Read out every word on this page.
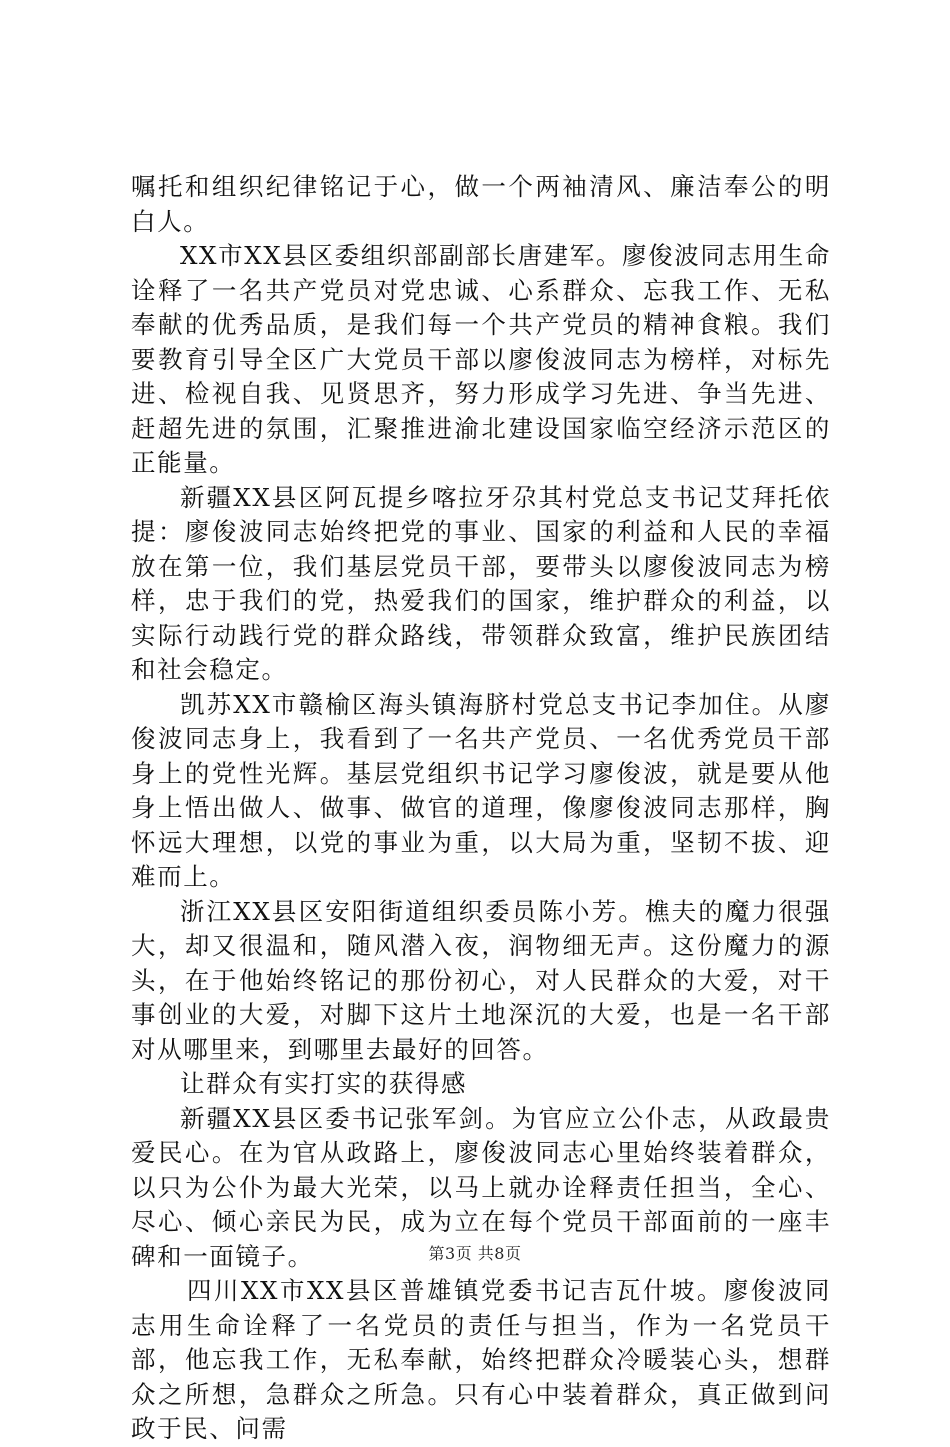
嘱托和组织纪律铭记于心，做一个两袖清风、廉洁奉公的明白人。

XX市XX县区委组织部副部长唐建军。廖俊波同志用生命诠释了一名共产党员对党忠诚、心系群众、忘我工作、无私奉献的优秀品质，是我们每一个共产党员的精神食粮。我们要教育引导全区广大党员干部以廖俊波同志为榜样，对标先进、检视自我、见贤思齐，努力形成学习先进、争当先进、赶超先进的氛围，汇聚推进渝北建设国家临空经济示范区的正能量。

新疆XX县区阿瓦提乡喀拉牙尕其村党总支书记艾拜托依提：廖俊波同志始终把党的事业、国家的利益和人民的幸福放在第一位，我们基层党员干部，要带头以廖俊波同志为榜样，忠于我们的党，热爱我们的国家，维护群众的利益，以实际行动践行党的群众路线，带领群众致富，维护民族团结和社会稳定。

凯苏XX市赣榆区海头镇海脐村党总支书记李加住。从廖俊波同志身上，我看到了一名共产党员、一名优秀党员干部身上的党性光辉。基层党组织书记学习廖俊波，就是要从他身上悟出做人、做事、做官的道理，像廖俊波同志那样，胸怀远大理想，以党的事业为重，以大局为重，坚韧不拔、迎难而上。

浙江XX县区安阳街道组织委员陈小芳。樵夫的魔力很强大，却又很温和，随风潜入夜，润物细无声。这份魔力的源头，在于他始终铭记的那份初心，对人民群众的大爱，对干事创业的大爱，对脚下这片土地深沉的大爱，也是一名干部对从哪里来，到哪里去最好的回答。

让群众有实打实的获得感

新疆XX县区委书记张军剑。为官应立公仆志，从政最贵爱民心。在为官从政路上，廖俊波同志心里始终装着群众，以只为公仆为最大光荣，以马上就办诠释责任担当，全心、尽心、倾心亲民为民，成为立在每个党员干部面前的一座丰碑和一面镜子。

四川XX市XX县区普雄镇党委书记吉瓦什坡。廖俊波同志用生命诠释了一名党员的责任与担当，作为一名党员干部，他忘我工作，无私奉献，始终把群众冷暖装心头，想群众之所想，急群众之所急。只有心中装着群众，真正做到问政于民、问需

第3页 共8页
